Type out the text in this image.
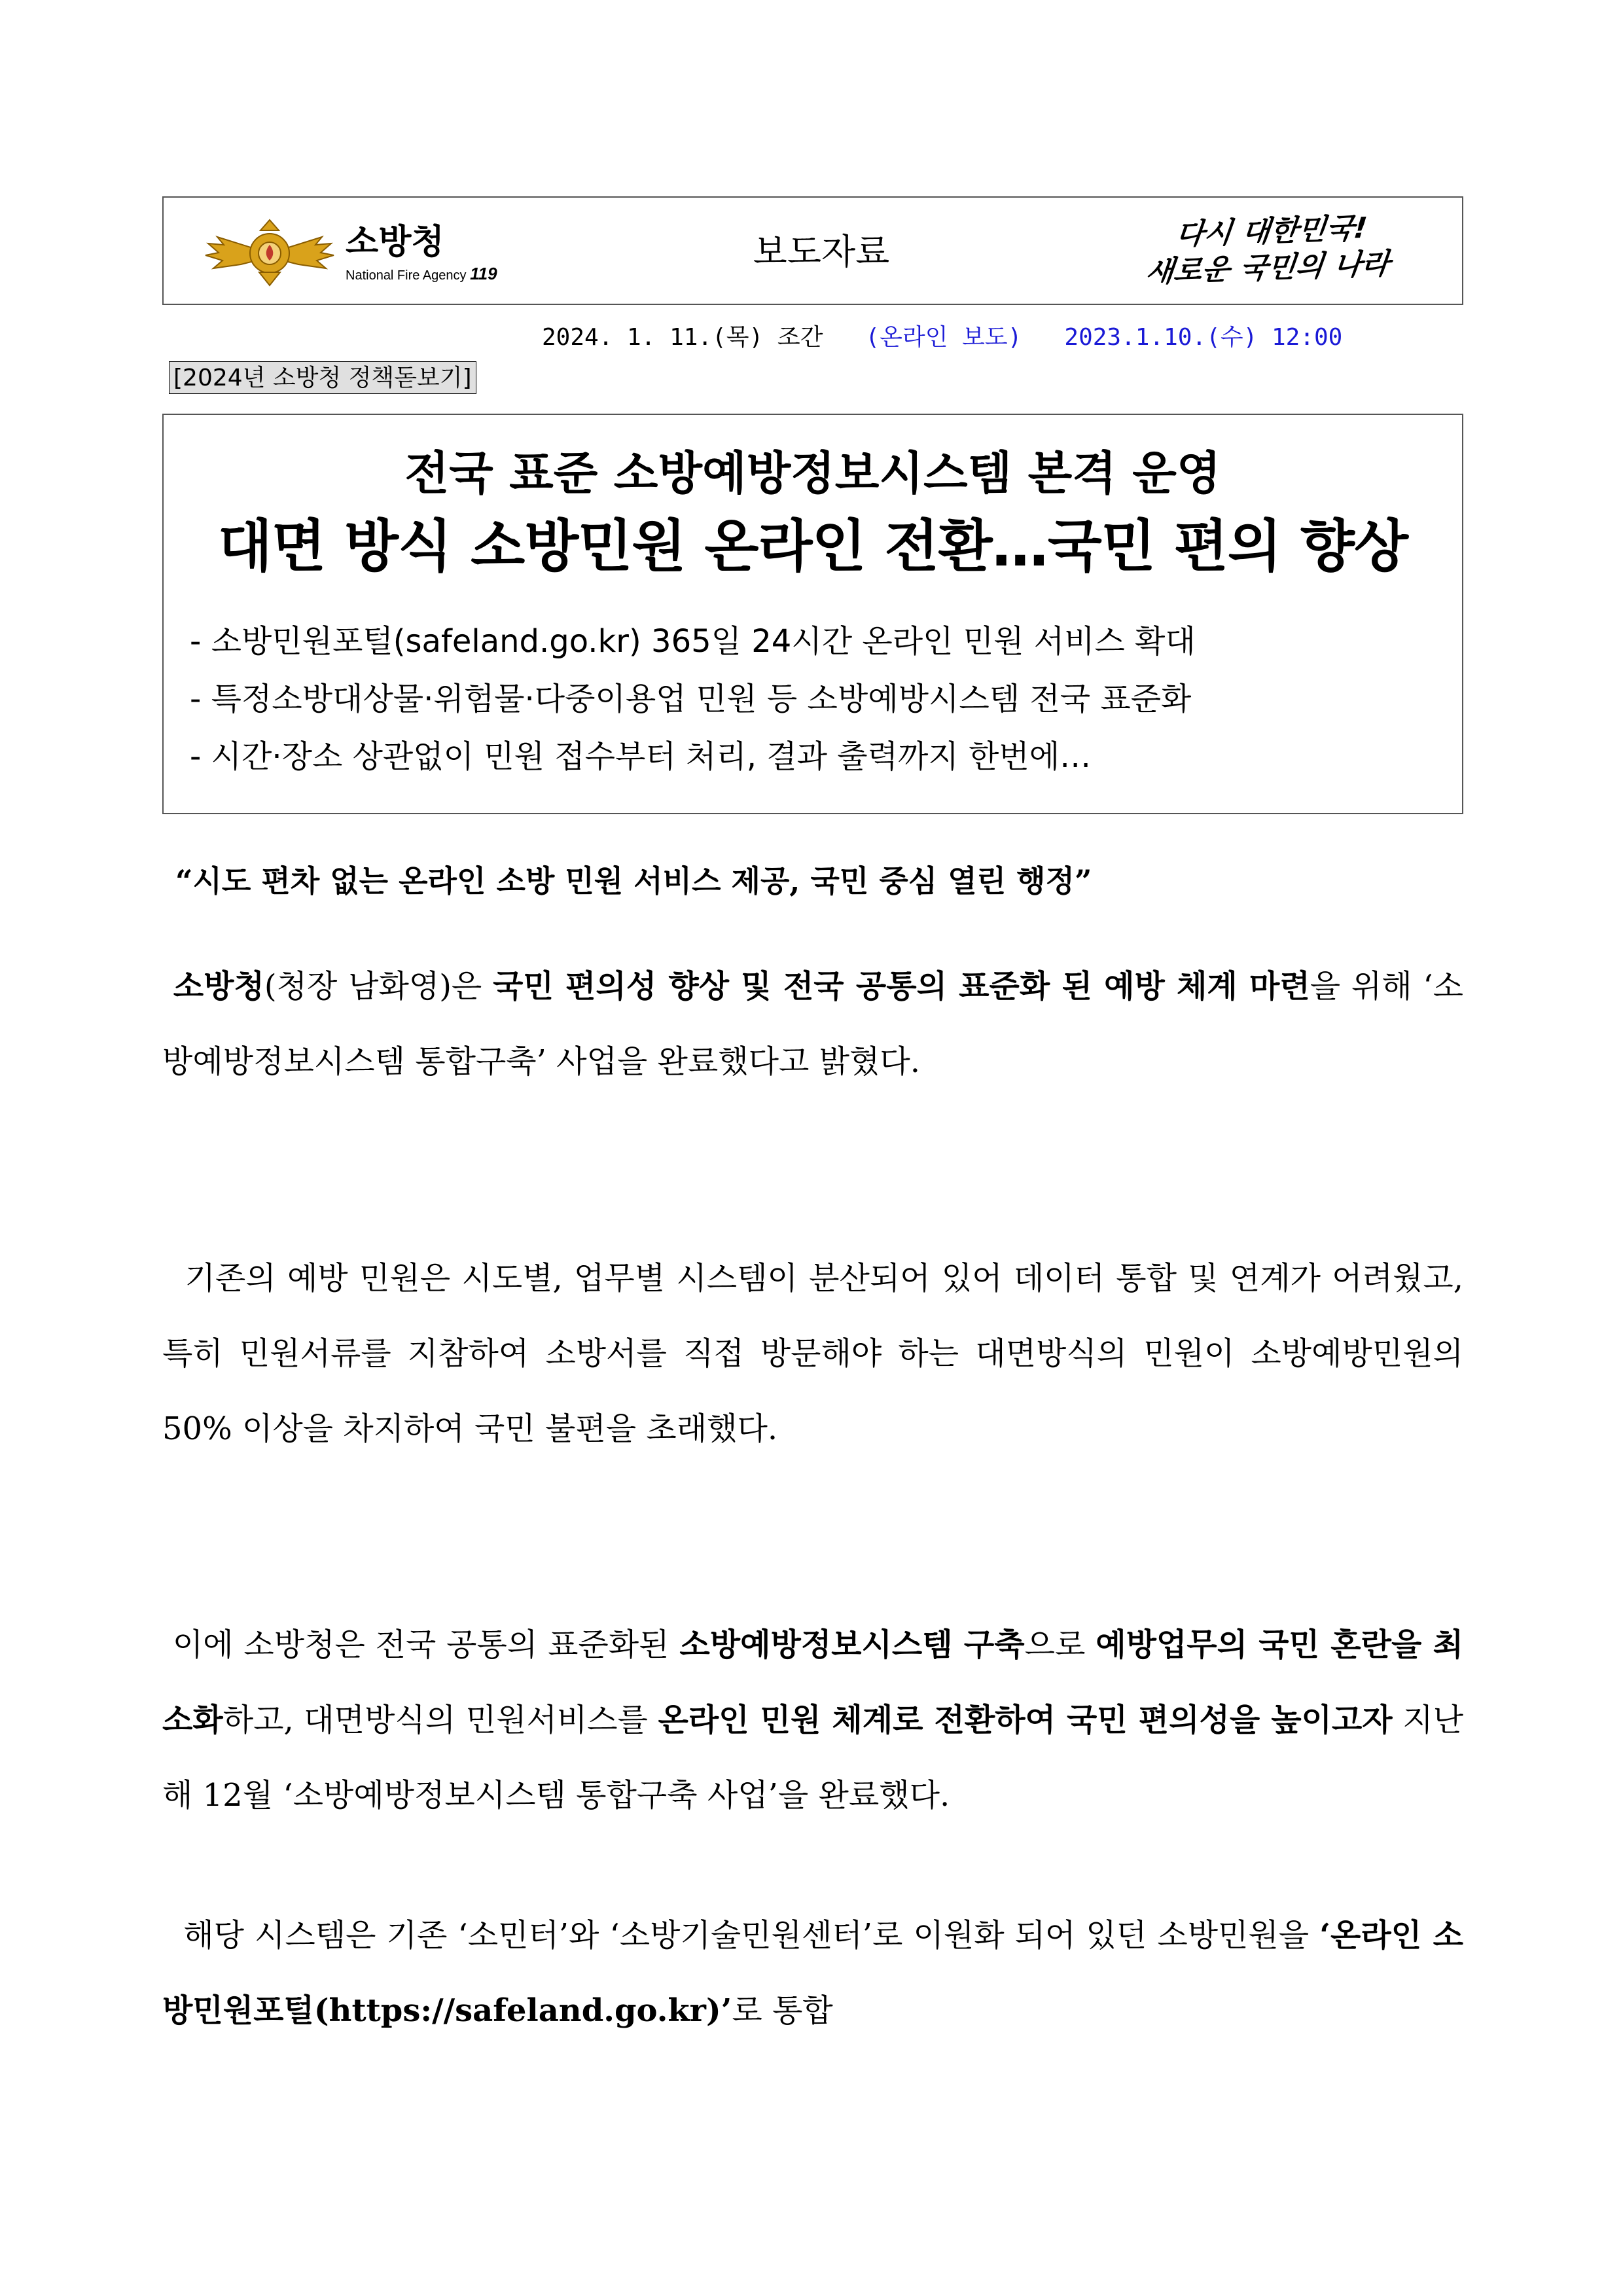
소방청
National Fire Agency 119
보도자료	다시 대한민국!
새로운 국민의 나라
2024. 1. 11.(목) 조간 (온라인 보도) 2023.1.10.(수) 12:00
[2024년 소방청 정책돋보기]
전국 표준 소방예방정보시스템 본격 운영
대면 방식 소방민원 온라인 전환…국민 편의 향상
- 소방민원포털(safeland.go.kr) 365일 24시간 온라인 민원 서비스 확대
- 특정소방대상물·위험물·다중이용업 민원 등 소방예방시스템 전국 표준화
- 시간·장소 상관없이 민원 접수부터 처리, 결과 출력까지 한번에…
“시도 편차 없는 온라인 소방 민원 서비스 제공, 국민 중심 열린 행정”
소방청(청장 남화영)은 국민 편의성 향상 및 전국 공통의 표준화 된 예방 체계 마련을 위해 ‘소방예방정보시스템 통합구축’ 사업을 완료했다고 밝혔다.
기존의 예방 민원은 시도별, 업무별 시스템이 분산되어 있어 데이터 통합 및 연계가 어려웠고, 특히 민원서류를 지참하여 소방서를 직접 방문해야 하는 대면방식의 민원이 소방예방민원의 50% 이상을 차지하여 국민 불편을 초래했다.
이에 소방청은 전국 공통의 표준화된 소방예방정보시스템 구축으로 예방업무의 국민 혼란을 최소화하고, 대면방식의 민원서비스를 온라인 민원 체계로 전환하여 국민 편의성을 높이고자 지난해 12월 ‘소방예방정보시스템 통합구축 사업’을 완료했다.
해당 시스템은 기존 ‘소민터’와 ‘소방기술민원센터’로 이원화 되어 있던 소방민원을 ‘온라인 소방민원포털(https://safeland.go.kr)’로 통합
